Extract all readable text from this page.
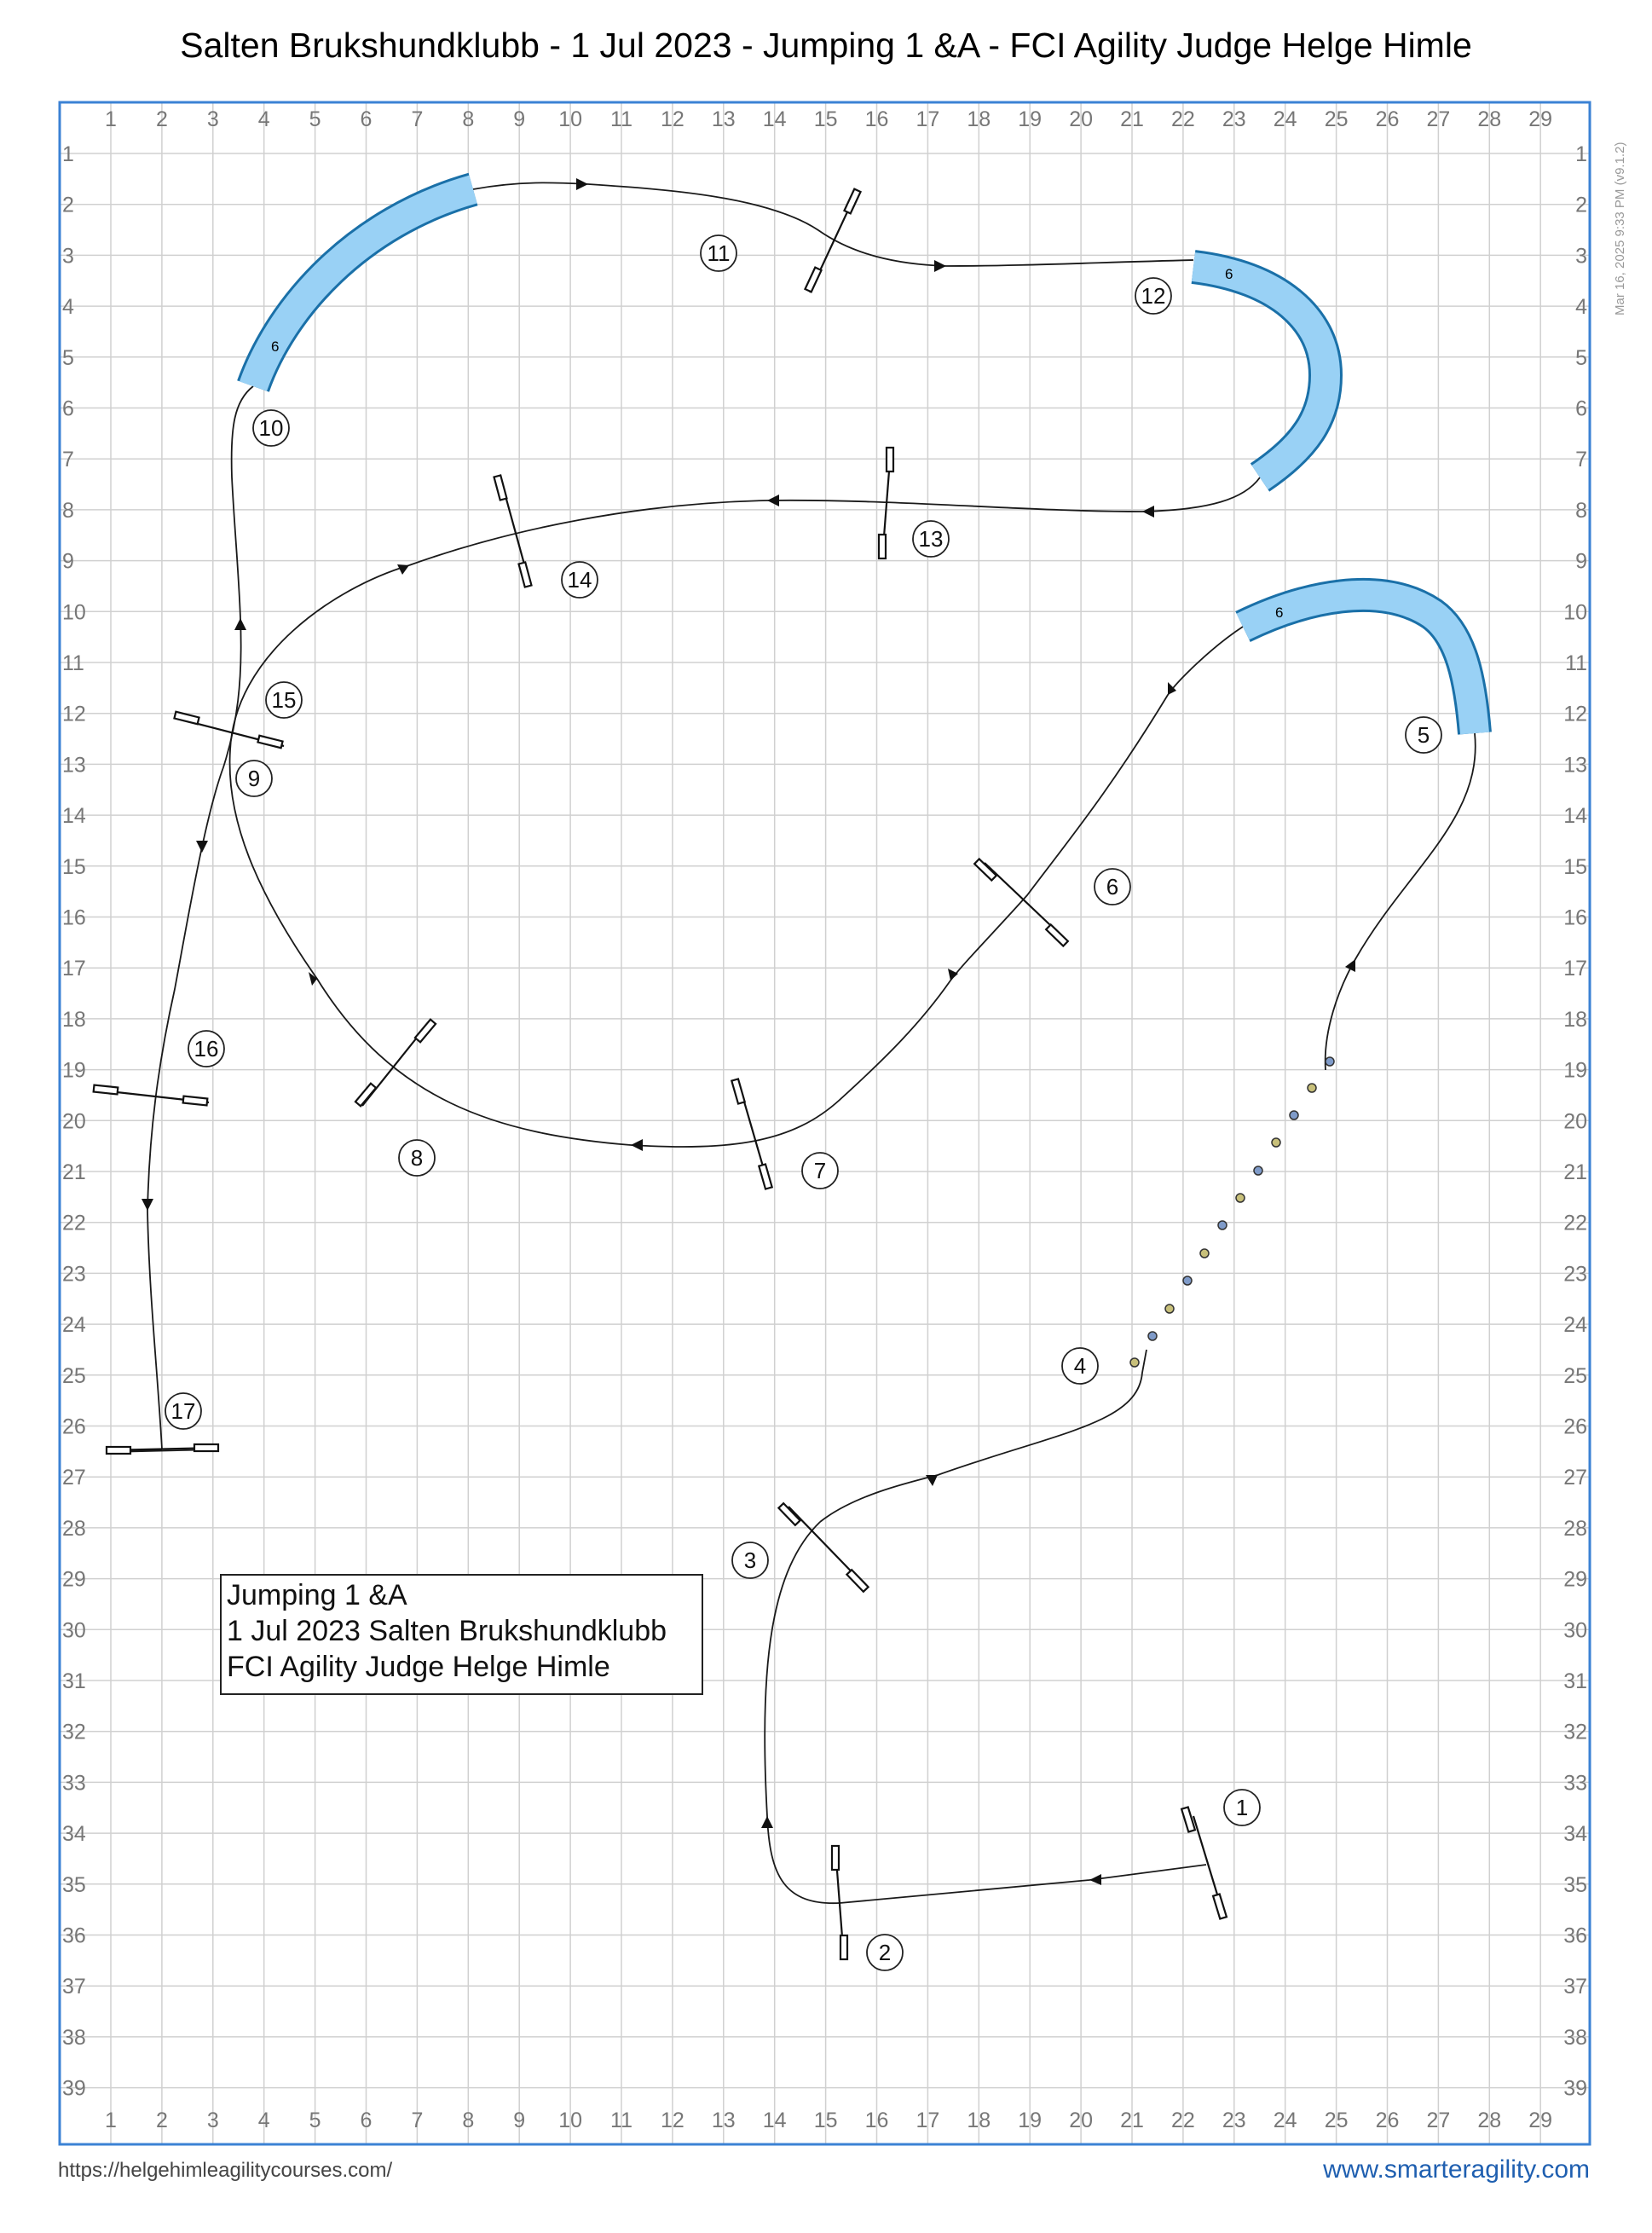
Salten Brukshundklubb - 1 Jul 2023 - Jumping 1 &A - FCI Agility Judge Helge Himle
1
1
2
2
3
3
4
4
5
5
6
6
7
7
8
8
9
9
10
10
11
11
12
12
13
13
14
14
15
15
16
16
17
17
18
18
19
19
20
20
21
21
22
22
23
23
24
24
25
25
26
26
27
27
28
28
29
29
1	1
2	2
3	3
4	4
5	5
6	6
7	7
8	8
9	9
10	10
11	11
12	12
13	13
14	14
15	15
16	16
17	17
18	18
19	19
20	20
21	21
22	22
23	23
24	24
25	25
26	26
27	27
28	28
29	29
30	30
31	31
32	32
33	33
34	34
35	35
36	36
37	37
38	38
39	39
6
6
6
1
2
3
4
5
6
7
8
9
10
11
12
13
14
15
16
17
Jumping 1 &A
1 Jul 2023 Salten Brukshundklubb
FCI Agility Judge Helge Himle
Mar 16, 2025 9:33 PM (v9.1.2)
https://helgehimleagilitycourses.com/	www.smarteragility.com
